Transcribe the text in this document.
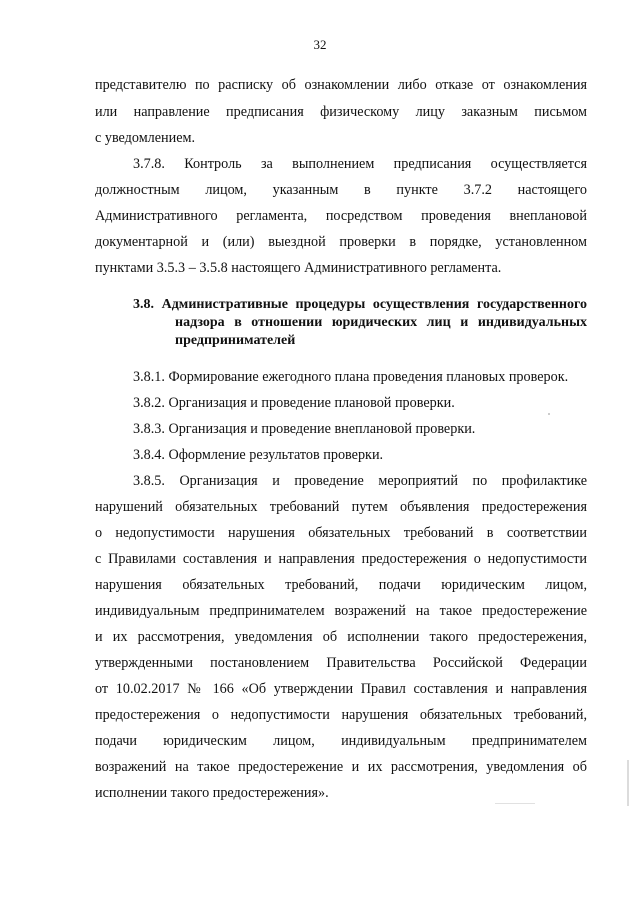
32
представителю по расписку об ознакомлении либо отказе от ознакомления
или направление предписания физическому лицу заказным письмом
с уведомлением.
3.7.8. Контроль за выполнением предписания осуществляется
должностным лицом, указанным в пункте 3.7.2 настоящего
Административного регламента, посредством проведения внеплановой
документарной и (или) выездной проверки в порядке, установленном
пунктами 3.5.3 – 3.5.8 настоящего Административного регламента.
3.8. Административные процедуры осуществления государственного
надзора в отношении юридических лиц и индивидуальных
предпринимателей
3.8.1. Формирование ежегодного плана проведения плановых проверок.
3.8.2. Организация и проведение плановой проверки.
3.8.3. Организация и проведение внеплановой проверки.
3.8.4. Оформление результатов проверки.
3.8.5. Организация и проведение мероприятий по профилактике
нарушений обязательных требований путем объявления предостережения
о недопустимости нарушения обязательных требований в соответствии
с Правилами составления и направления предостережения о недопустимости
нарушения обязательных требований, подачи юридическим лицом,
индивидуальным предпринимателем возражений на такое предостережение
и их рассмотрения, уведомления об исполнении такого предостережения,
утвержденными постановлением Правительства Российской Федерации
от 10.02.2017 № 166 «Об утверждении Правил составления и направления
предостережения о недопустимости нарушения обязательных требований,
подачи юридическим лицом, индивидуальным предпринимателем
возражений на такое предостережение и их рассмотрения, уведомления об
исполнении такого предостережения».
